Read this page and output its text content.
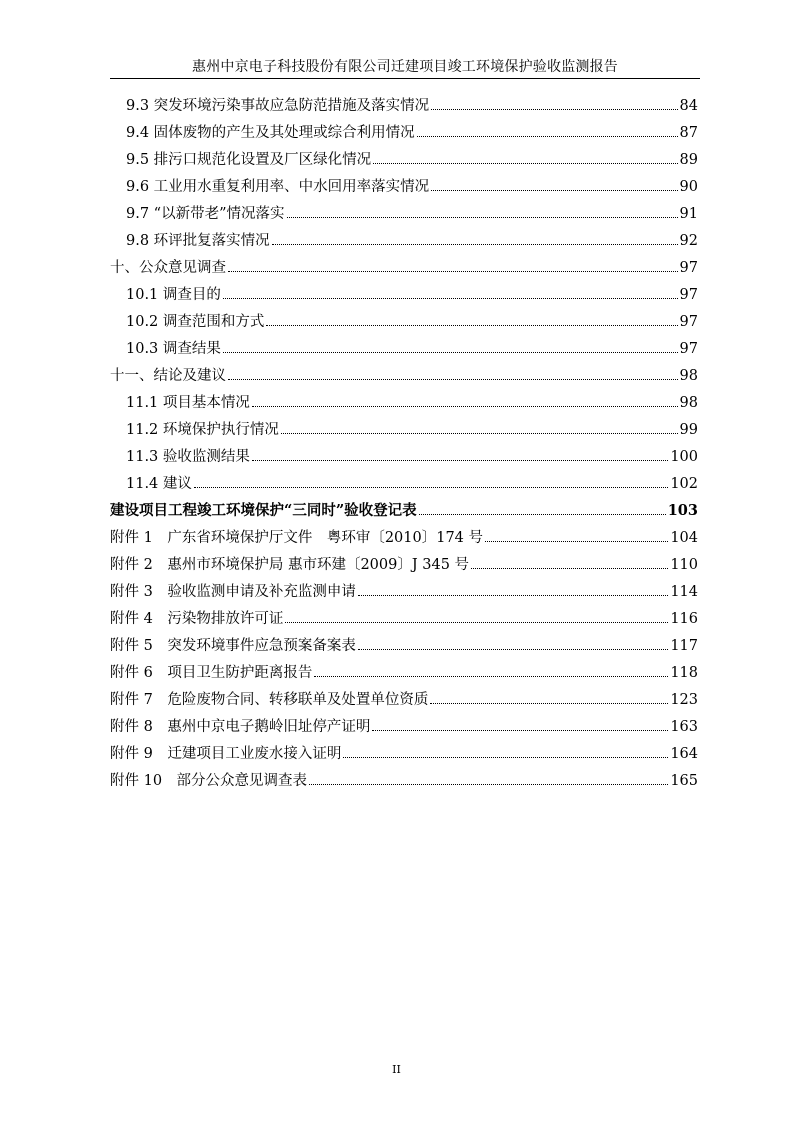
惠州中京电子科技股份有限公司迁建项目竣工环境保护验收监测报告
9.3 突发环境污染事故应急防范措施及落实情况	84
9.4 固体废物的产生及其处理或综合利用情况	87
9.5 排污口规范化设置及厂区绿化情况	89
9.6 工业用水重复利用率、中水回用率落实情况	90
9.7 “以新带老”情况落实	91
9.8 环评批复落实情况	92
十、公众意见调查	97
10.1 调查目的	97
10.2 调查范围和方式	97
10.3 调查结果	97
十一、结论及建议	98
11.1 项目基本情况	98
11.2 环境保护执行情况	99
11.3 验收监测结果	100
11.4 建议	102
建设项目工程竣工环境保护“三同时”验收登记表	103
附件 1　广东省环境保护厅文件　粤环审〔2010〕174 号	104
附件 2　惠州市环境保护局 惠市环建〔2009〕J 345 号	110
附件 3　验收监测申请及补充监测申请	114
附件 4　污染物排放许可证	116
附件 5　突发环境事件应急预案备案表	117
附件 6　项目卫生防护距离报告	118
附件 7　危险废物合同、转移联单及处置单位资质	123
附件 8　惠州中京电子鹅岭旧址停产证明	163
附件 9　迁建项目工业废水接入证明	164
附件 10　部分公众意见调查表	165
II
